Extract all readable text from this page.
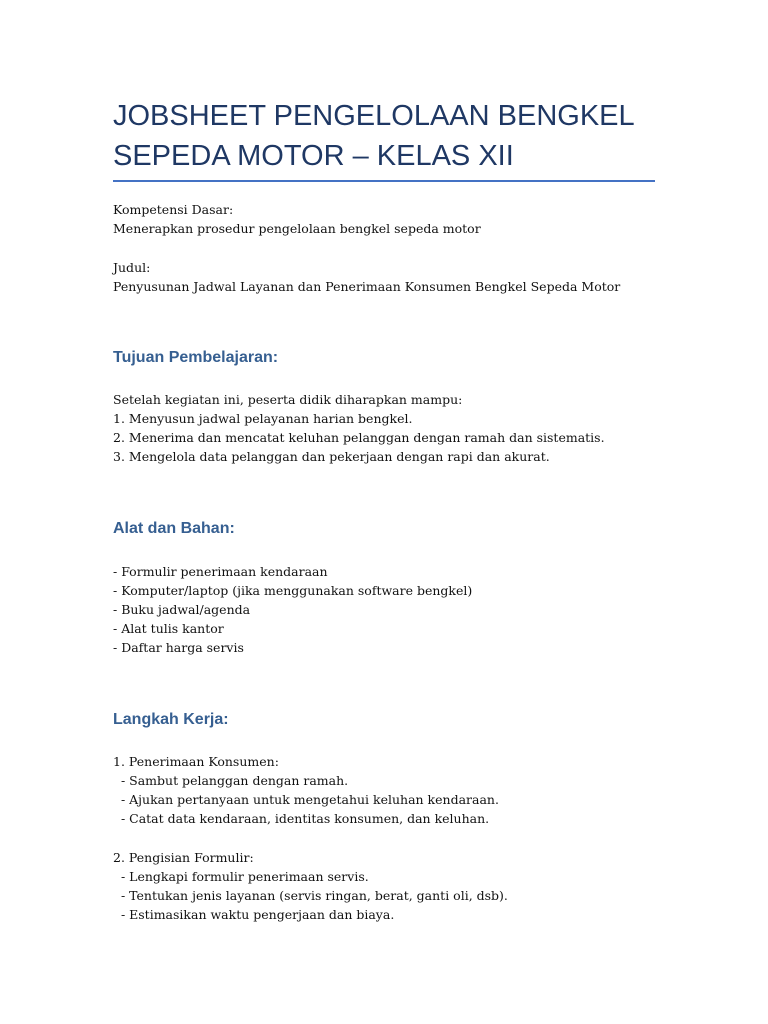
JOBSHEET PENGELOLAAN BENGKEL
SEPEDA MOTOR – KELAS XII

Kompetensi Dasar:

Menerapkan prosedur pengelolaan bengkel sepeda motor

Judul:

Penyusunan Jadwal Layanan dan Penerimaan Konsumen Bengkel Sepeda Motor

Tujuan Pembelajaran:

Setelah kegiatan ini, peserta didik diharapkan mampu:

1. Menyusun jadwal pelayanan harian bengkel.

2. Menerima dan mencatat keluhan pelanggan dengan ramah dan sistematis.

3. Mengelola data pelanggan dan pekerjaan dengan rapi dan akurat.

Alat dan Bahan:

- Formulir penerimaan kendaraan

- Komputer/laptop (jika menggunakan software bengkel)

- Buku jadwal/agenda

- Alat tulis kantor

- Daftar harga servis

Langkah Kerja:

1. Penerimaan Konsumen:

- Sambut pelanggan dengan ramah.

- Ajukan pertanyaan untuk mengetahui keluhan kendaraan.

- Catat data kendaraan, identitas konsumen, dan keluhan.

2. Pengisian Formulir:

- Lengkapi formulir penerimaan servis.

- Tentukan jenis layanan (servis ringan, berat, ganti oli, dsb).

- Estimasikan waktu pengerjaan dan biaya.
